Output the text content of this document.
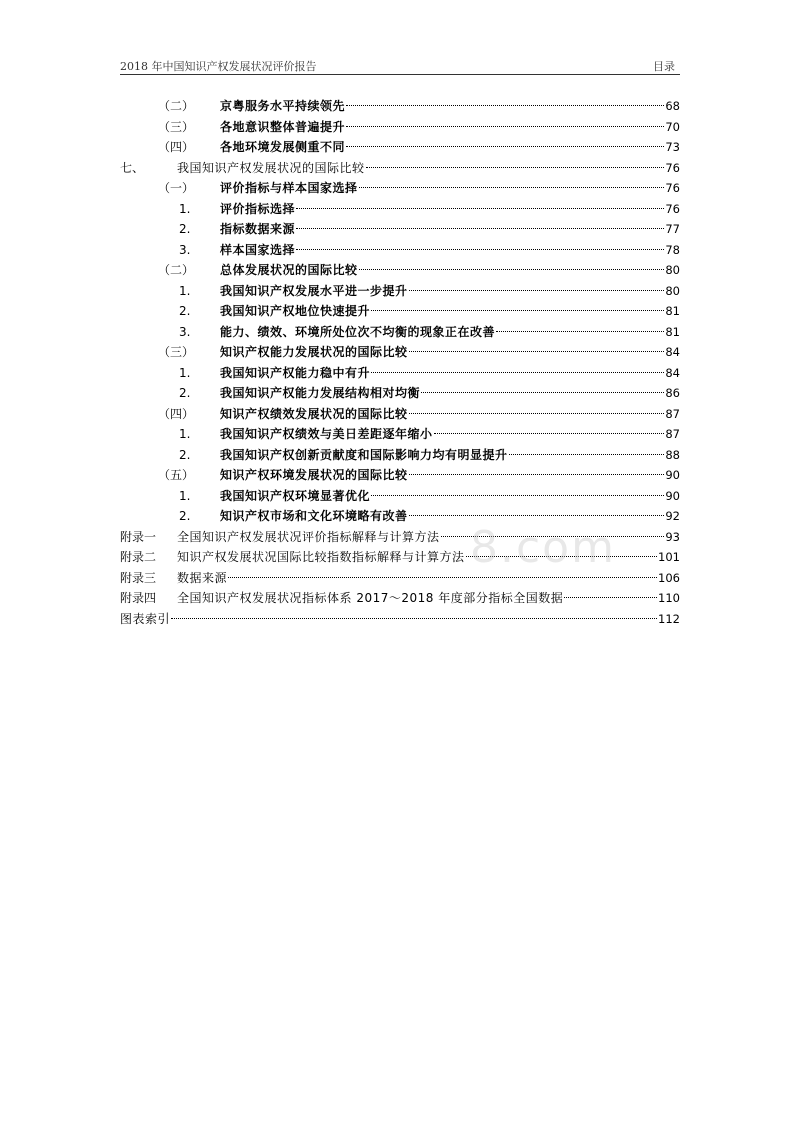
2018 年中国知识产权发展状况评价报告	目录
（二） 京粤服务水平持续领先	68
（三） 各地意识整体普遍提升	70
（四） 各地环境发展侧重不同	73
七、	我国知识产权发展状况的国际比较	76
（一） 评价指标与样本国家选择	76
1. 评价指标选择	76
2. 指标数据来源	77
3. 样本国家选择	78
（二） 总体发展状况的国际比较	80
1. 我国知识产权发展水平进一步提升	80
2. 我国知识产权地位快速提升	81
3. 能力、绩效、环境所处位次不均衡的现象正在改善	81
（三） 知识产权能力发展状况的国际比较	84
1. 我国知识产权能力稳中有升	84
2. 我国知识产权能力发展结构相对均衡	86
（四） 知识产权绩效发展状况的国际比较	87
1. 我国知识产权绩效与美日差距逐年缩小	87
2. 我国知识产权创新贡献度和国际影响力均有明显提升	88
（五） 知识产权环境发展状况的国际比较	90
1. 我国知识产权环境显著优化	90
2. 知识产权市场和文化环境略有改善	92
附录一 全国知识产权发展状况评价指标解释与计算方法	93
附录二 知识产权发展状况国际比较指数指标解释与计算方法	101
附录三 数据来源	106
附录四 全国知识产权发展状况指标体系 2017～2018 年度部分指标全国数据	110
图表索引	112
8.com
